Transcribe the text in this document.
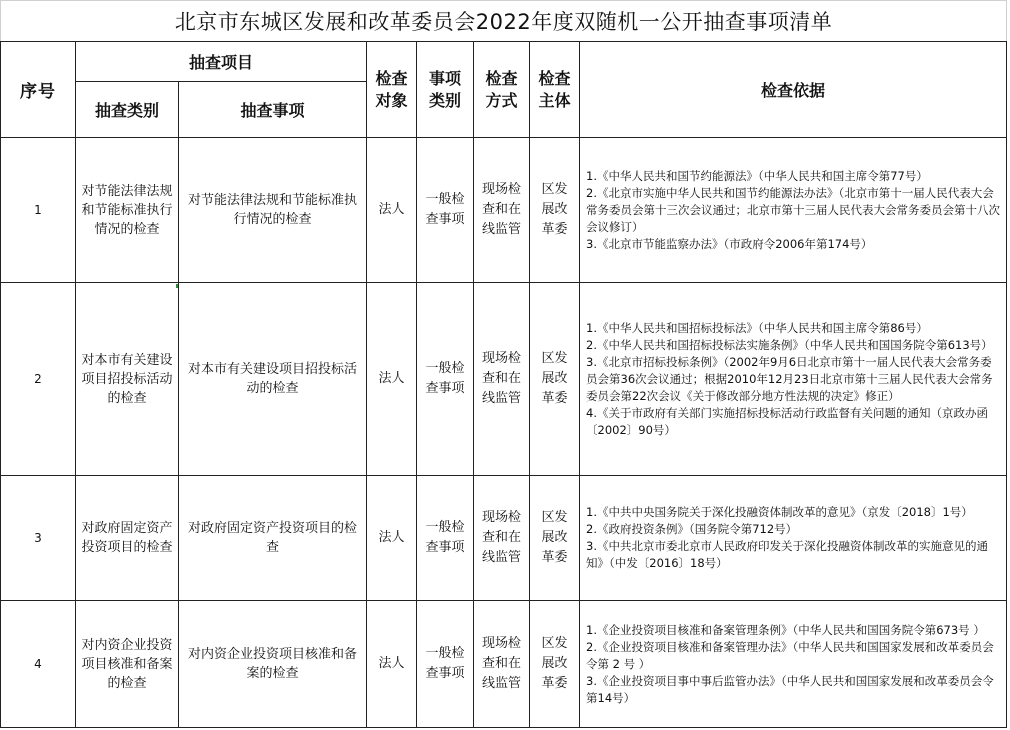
北京市东城区发展和改革委员会2022年度双随机一公开抽查事项清单							
序号	抽查项目		检查对象	事项类别	检查方式	检查主体	检查依据
	抽查类别	抽查事项					
1	对节能法律法规和节能标准执行情况的检查	对节能法律法规和节能标准执行情况的检查	法人	一般检查事项	现场检查和在线监管	区发展改革委	1.《中华人民共和国节约能源法》（中华人民共和国主席令第77号）
2.《北京市实施中华人民共和国节约能源法办法》（北京市第十一届人民代表大会常务委员会第十三次会议通过；北京市第十三届人民代表大会常务委员会第十八次会议修订）
3.《北京市节能监察办法》（市政府令2006年第174号）

2	对本市有关建设项目招投标活动的检查	对本市有关建设项目招投标活动的检查	法人	一般检查事项	现场检查和在线监管	区发展改革委	1.《中华人民共和国招标投标法》（中华人民共和国主席令第86号）
2.《中华人民共和国招标投标法实施条例》（中华人民共和国国务院令第613号）
3.《北京市招标投标条例》（2002年9月6日北京市第十一届人民代表大会常务委员会第36次会议通过；根据2010年12月23日北京市第十三届人民代表大会常务委员会第22次会议《关于修改部分地方性法规的决定》修正）
4.《关于市政府有关部门实施招标投标活动行政监督有关问题的通知（京政办函〔2002〕90号）

3	对政府固定资产投资项目的检查	对政府固定资产投资项目的检查	法人	一般检查事项	现场检查和在线监管	区发展改革委	1.《中共中央国务院关于深化投融资体制改革的意见》（京发〔2018〕1号）
2.《政府投资条例》（国务院令第712号）
3.《中共北京市委北京市人民政府印发关于深化投融资体制改革的实施意见的通知》（中发〔2016〕18号）

4	对内资企业投资项目核准和备案的检查	对内资企业投资项目核准和备案的检查	法人	一般检查事项	现场检查和在线监管	区发展改革委	1.《企业投资项目核准和备案管理条例》（中华人民共和国国务院令第673号 ）
2.《企业投资项目核准和备案管理办法》（中华人民共和国国家发展和改革委员会令第 2 号 ）
3.《企业投资项目事中事后监管办法》（中华人民共和国国家发展和改革委员会令第14号）
